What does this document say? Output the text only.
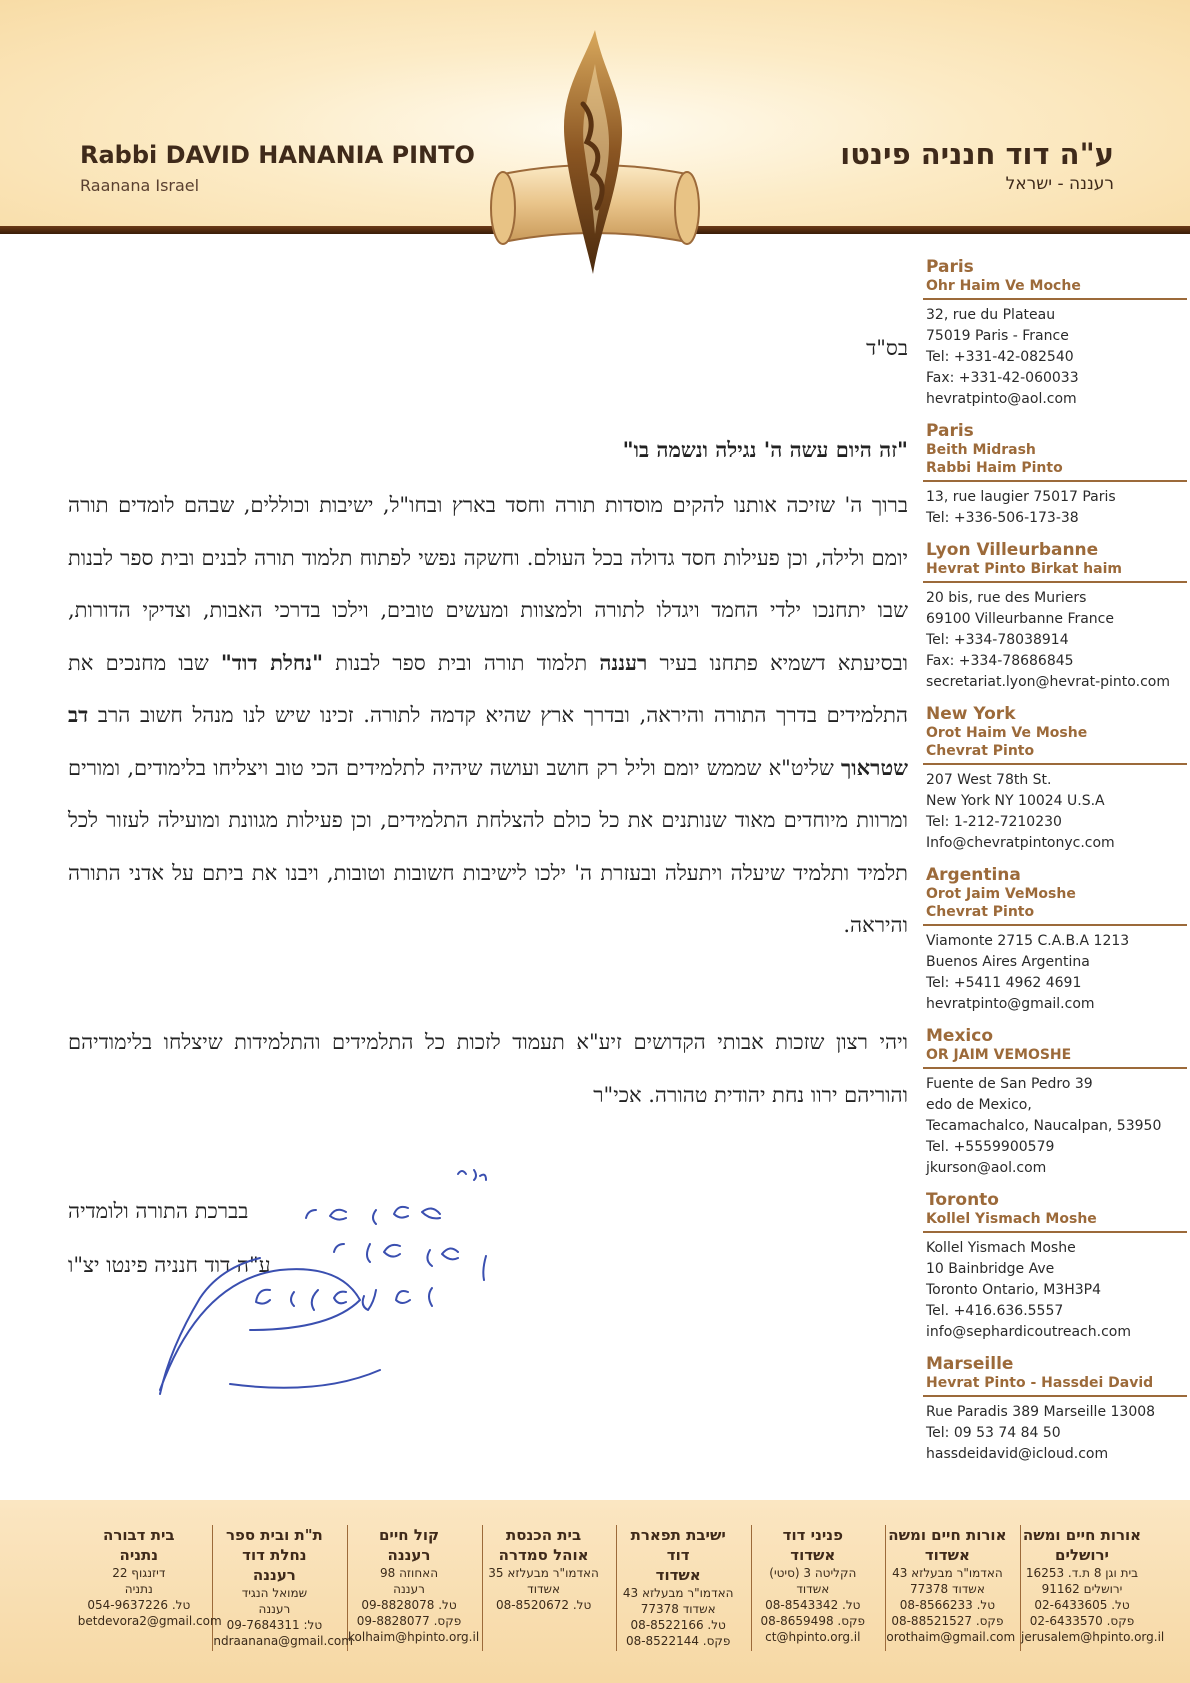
Rabbi DAVID HANANIA PINTO
Raanana Israel
ע"ה דוד חנניה פינטו
רעננה - ישראל
Paris
Ohr Haim Ve Moche
32, rue du Plateau
75019 Paris - France
Tel: +331-42-082540
Fax: +331-42-060033
hevratpinto@aol.com
Paris
Beith Midrash
Rabbi Haim Pinto
13, rue laugier 75017 Paris
Tel: +336-506-173-38
Lyon Villeurbanne
Hevrat Pinto Birkat haim
20 bis, rue des Muriers
69100 Villeurbanne France
Tel: +334-78038914
Fax: +334-78686845
secretariat.lyon@hevrat-pinto.com
New York
Orot Haim Ve Moshe
Chevrat Pinto
207 West 78th St.
New York NY 10024 U.S.A
Tel: 1-212-7210230
Info@chevratpintonyc.com
Argentina
Orot Jaim VeMoshe
Chevrat Pinto
Viamonte 2715 C.A.B.A 1213
Buenos Aires Argentina
Tel: +5411 4962 4691
hevratpinto@gmail.com
Mexico
OR JAIM VEMOSHE
Fuente de San Pedro 39
edo de Mexico,
Tecamachalco, Naucalpan, 53950
Tel. +5559900579
jkurson@aol.com
Toronto
Kollel Yismach Moshe
Kollel Yismach Moshe
10 Bainbridge Ave
Toronto Ontario, M3H3P4
Tel. +416.636.5557
info@sephardicoutreach.com
Marseille
Hevrat Pinto - Hassdei David
Rue Paradis 389 Marseille 13008
Tel: 09 53 74 84 50
hassdeidavid@icloud.com
בס"ד
"זה היום עשה ה' נגילה ונשמה בו"
ברוך ה' שזיכה אותנו להקים מוסדות תורה וחסד בארץ ובחו"ל, ישיבות וכוללים, שבהם לומדים תורה יומם ולילה, וכן פעילות חסד גדולה בכל העולם. וחשקה נפשי לפתוח תלמוד תורה לבנים ובית ספר לבנות שבו יתחנכו ילדי החמד ויגדלו לתורה ולמצוות ומעשים טובים, וילכו בדרכי האבות, וצדיקי הדורות, ובסיעתא דשמיא פתחנו בעיר רעננה תלמוד תורה ובית ספר לבנות "נחלת דוד" שבו מחנכים את התלמידים בדרך התורה והיראה, ובדרך ארץ שהיא קדמה לתורה. זכינו שיש לנו מנהל חשוב הרב דב שטראוך שליט"א שממש יומם וליל רק חושב ועושה שיהיה לתלמידים הכי טוב ויצליחו בלימודים, ומורים ומרוות מיוחדים מאוד שנותנים את כל כולם להצלחת התלמידים, וכן פעילות מגוונת ומועילה לעזור לכל תלמיד ותלמיד שיעלה ויתעלה ובעזרת ה' ילכו לישיבות חשובות וטובות, ויבנו את ביתם על אדני התורה והיראה.
ויהי רצון שזכות אבותי הקדושים זיע"א תעמוד לזכות כל התלמידים והתלמידות שיצלחו בלימודיהם והוריהם ירוו נחת יהודית טהורה. אכי"ר
בברכת התורה ולומדיה
ע"ה דוד חנניה פינטו יצ"ו
אורות חיים ומשה
ירושלים
בית וגן 8 ת.ד. 16253
ירושלים 91162
טל. 02-6433605
פקס. 02-6433570
jerusalem@hpinto.org.il
אורות חיים ומשה
אשדוד
האדמו"ר מבעלזא 43
אשדוד 77378
טל. 08-8566233
פקס. 08-88521527
orothaim@gmail.com
פניני דוד
אשדוד
הקליטה 3 (סיטי)
אשדוד
טל. 08-8543342
פקס. 08-8659498
ct@hpinto.org.il
ישיבת תפארת דוד
אשדוד
האדמו"ר מבעלזא 43
אשדוד 77378
טל. 08-8522166
פקס. 08-8522144
בית הכנסת
אוהל סמדרה
האדמו"ר מבעלזא 35
אשדוד
טל. 08-8520672
קול חיים
רעננה
האחוזה 98
רעננה
טל. 09-8828078
פקס. 09-8828077
kolhaim@hpinto.org.il
ת"ת ובית ספר
נחלת דוד
רעננה
שמואל הנגיד
רעננה
טל: 09-7684311
ndraanana@gmail.com
בית דבורה
נתניה
דיזנגוף 22
נתניה
טל. 054-9637226
betdevora2@gmail.com
